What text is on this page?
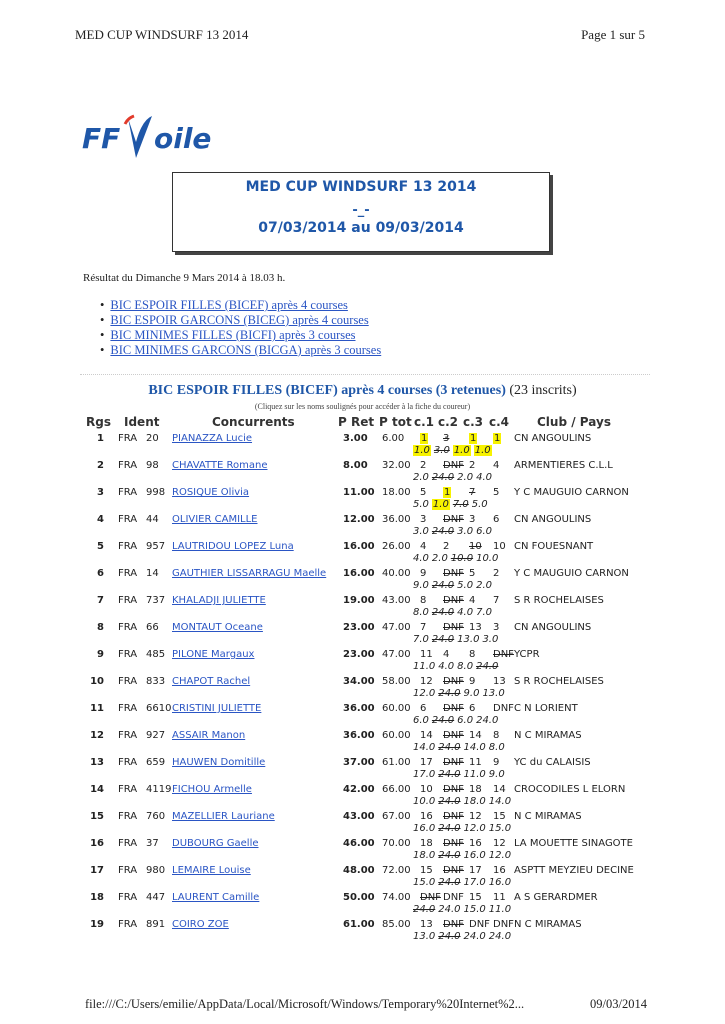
MED CUP WINDSURF 13 2014	Page 1 sur 5
FF oile
MED CUP WINDSURF 13 2014
-_-
07/03/2014 au 09/03/2014
Résultat du Dimanche 9 Mars 2014 à 18.03 h.
• BIC ESPOIR FILLES (BICEF) après 4 courses
• BIC ESPOIR GARCONS (BICEG) après 4 courses
• BIC MINIMES FILLES (BICFI) après 3 courses
• BIC MINIMES GARCONS (BICGA) après 3 courses
BIC ESPOIR FILLES (BICEF) après 4 courses (3 retenues) (23 inscrits)
(Cliquez sur les noms soulignés pour accéder à la fiche du coureur)
Rgs Ident	Concurrents	P Ret P tot c.1 c.2 c.3 c.4 Club / Pays
1 FRA 20 PIANAZZA Lucie	3.00 6.00 1 3 1 1 CN ANGOULINS
1.0 3.0 1.0 1.0
2 FRA 98 CHAVATTE Romane	8.00 32.00 2 DNF 2 4 ARMENTIERES C.L.L
2.0 24.0 2.0 4.0
3 FRA 998 ROSIQUE Olivia	11.00 18.00 5 1 7 5 Y C MAUGUIO CARNON
5.0 1.0 7.0 5.0
4 FRA 44 OLIVIER CAMILLE	12.00 36.00 3 DNF 3 6 CN ANGOULINS
3.0 24.0 3.0 6.0
5 FRA 957 LAUTRIDOU LOPEZ Luna	16.00 26.00 4 2 10 10 CN FOUESNANT
4.0 2.0 10.0 10.0
6 FRA 14 GAUTHIER LISSARRAGU Maelle 16.00 40.00 9 DNF 5 2 Y C MAUGUIO CARNON
9.0 24.0 5.0 2.0
7 FRA 737 KHALADJI JULIETTE	19.00 43.00 8 DNF 4 7 S R ROCHELAISES
8.0 24.0 4.0 7.0
8 FRA 66 MONTAUT Oceane	23.00 47.00 7 DNF 13 3 CN ANGOULINS
7.0 24.0 13.0 3.0
9 FRA 485 PILONE Margaux	23.00 47.00 11 4 8 DNF YCPR
11.0 4.0 8.0 24.0
10 FRA 833 CHAPOT Rachel	34.00 58.00 12 DNF 9 13 S R ROCHELAISES
12.0 24.0 9.0 13.0
11 FRA 6610 CRISTINI JULIETTE	36.00 60.00 6 DNF 6 DNF C N LORIENT
6.0 24.0 6.0 24.0
12 FRA 927 ASSAIR Manon	36.00 60.00 14 DNF 14 8 N C MIRAMAS
14.0 24.0 14.0 8.0
13 FRA 659 HAUWEN Domitille	37.00 61.00 17 DNF 11 9 YC du CALAISIS
17.0 24.0 11.0 9.0
14 FRA 4119 FICHOU Armelle	42.00 66.00 10 DNF 18 14 CROCODILES L ELORN
10.0 24.0 18.0 14.0
15 FRA 760 MAZELLIER Lauriane	43.00 67.00 16 DNF 12 15 N C MIRAMAS
16.0 24.0 12.0 15.0
16 FRA 37 DUBOURG Gaelle	46.00 70.00 18 DNF 16 12 LA MOUETTE SINAGOTE
18.0 24.0 16.0 12.0
17 FRA 980 LEMAIRE Louise	48.00 72.00 15 DNF 17 16 ASPTT MEYZIEU DECINE
15.0 24.0 17.0 16.0
18 FRA 447 LAURENT Camille	50.00 74.00 DNF DNF 15 11 A S GERARDMER
24.0 24.0 15.0 11.0
19 FRA 891 COIRO ZOE	61.00 85.00 13 DNF DNF DNF N C MIRAMAS
13.0 24.0 24.0 24.0
file:///C:/Users/emilie/AppData/Local/Microsoft/Windows/Temporary%20Internet%2...	09/03/2014
